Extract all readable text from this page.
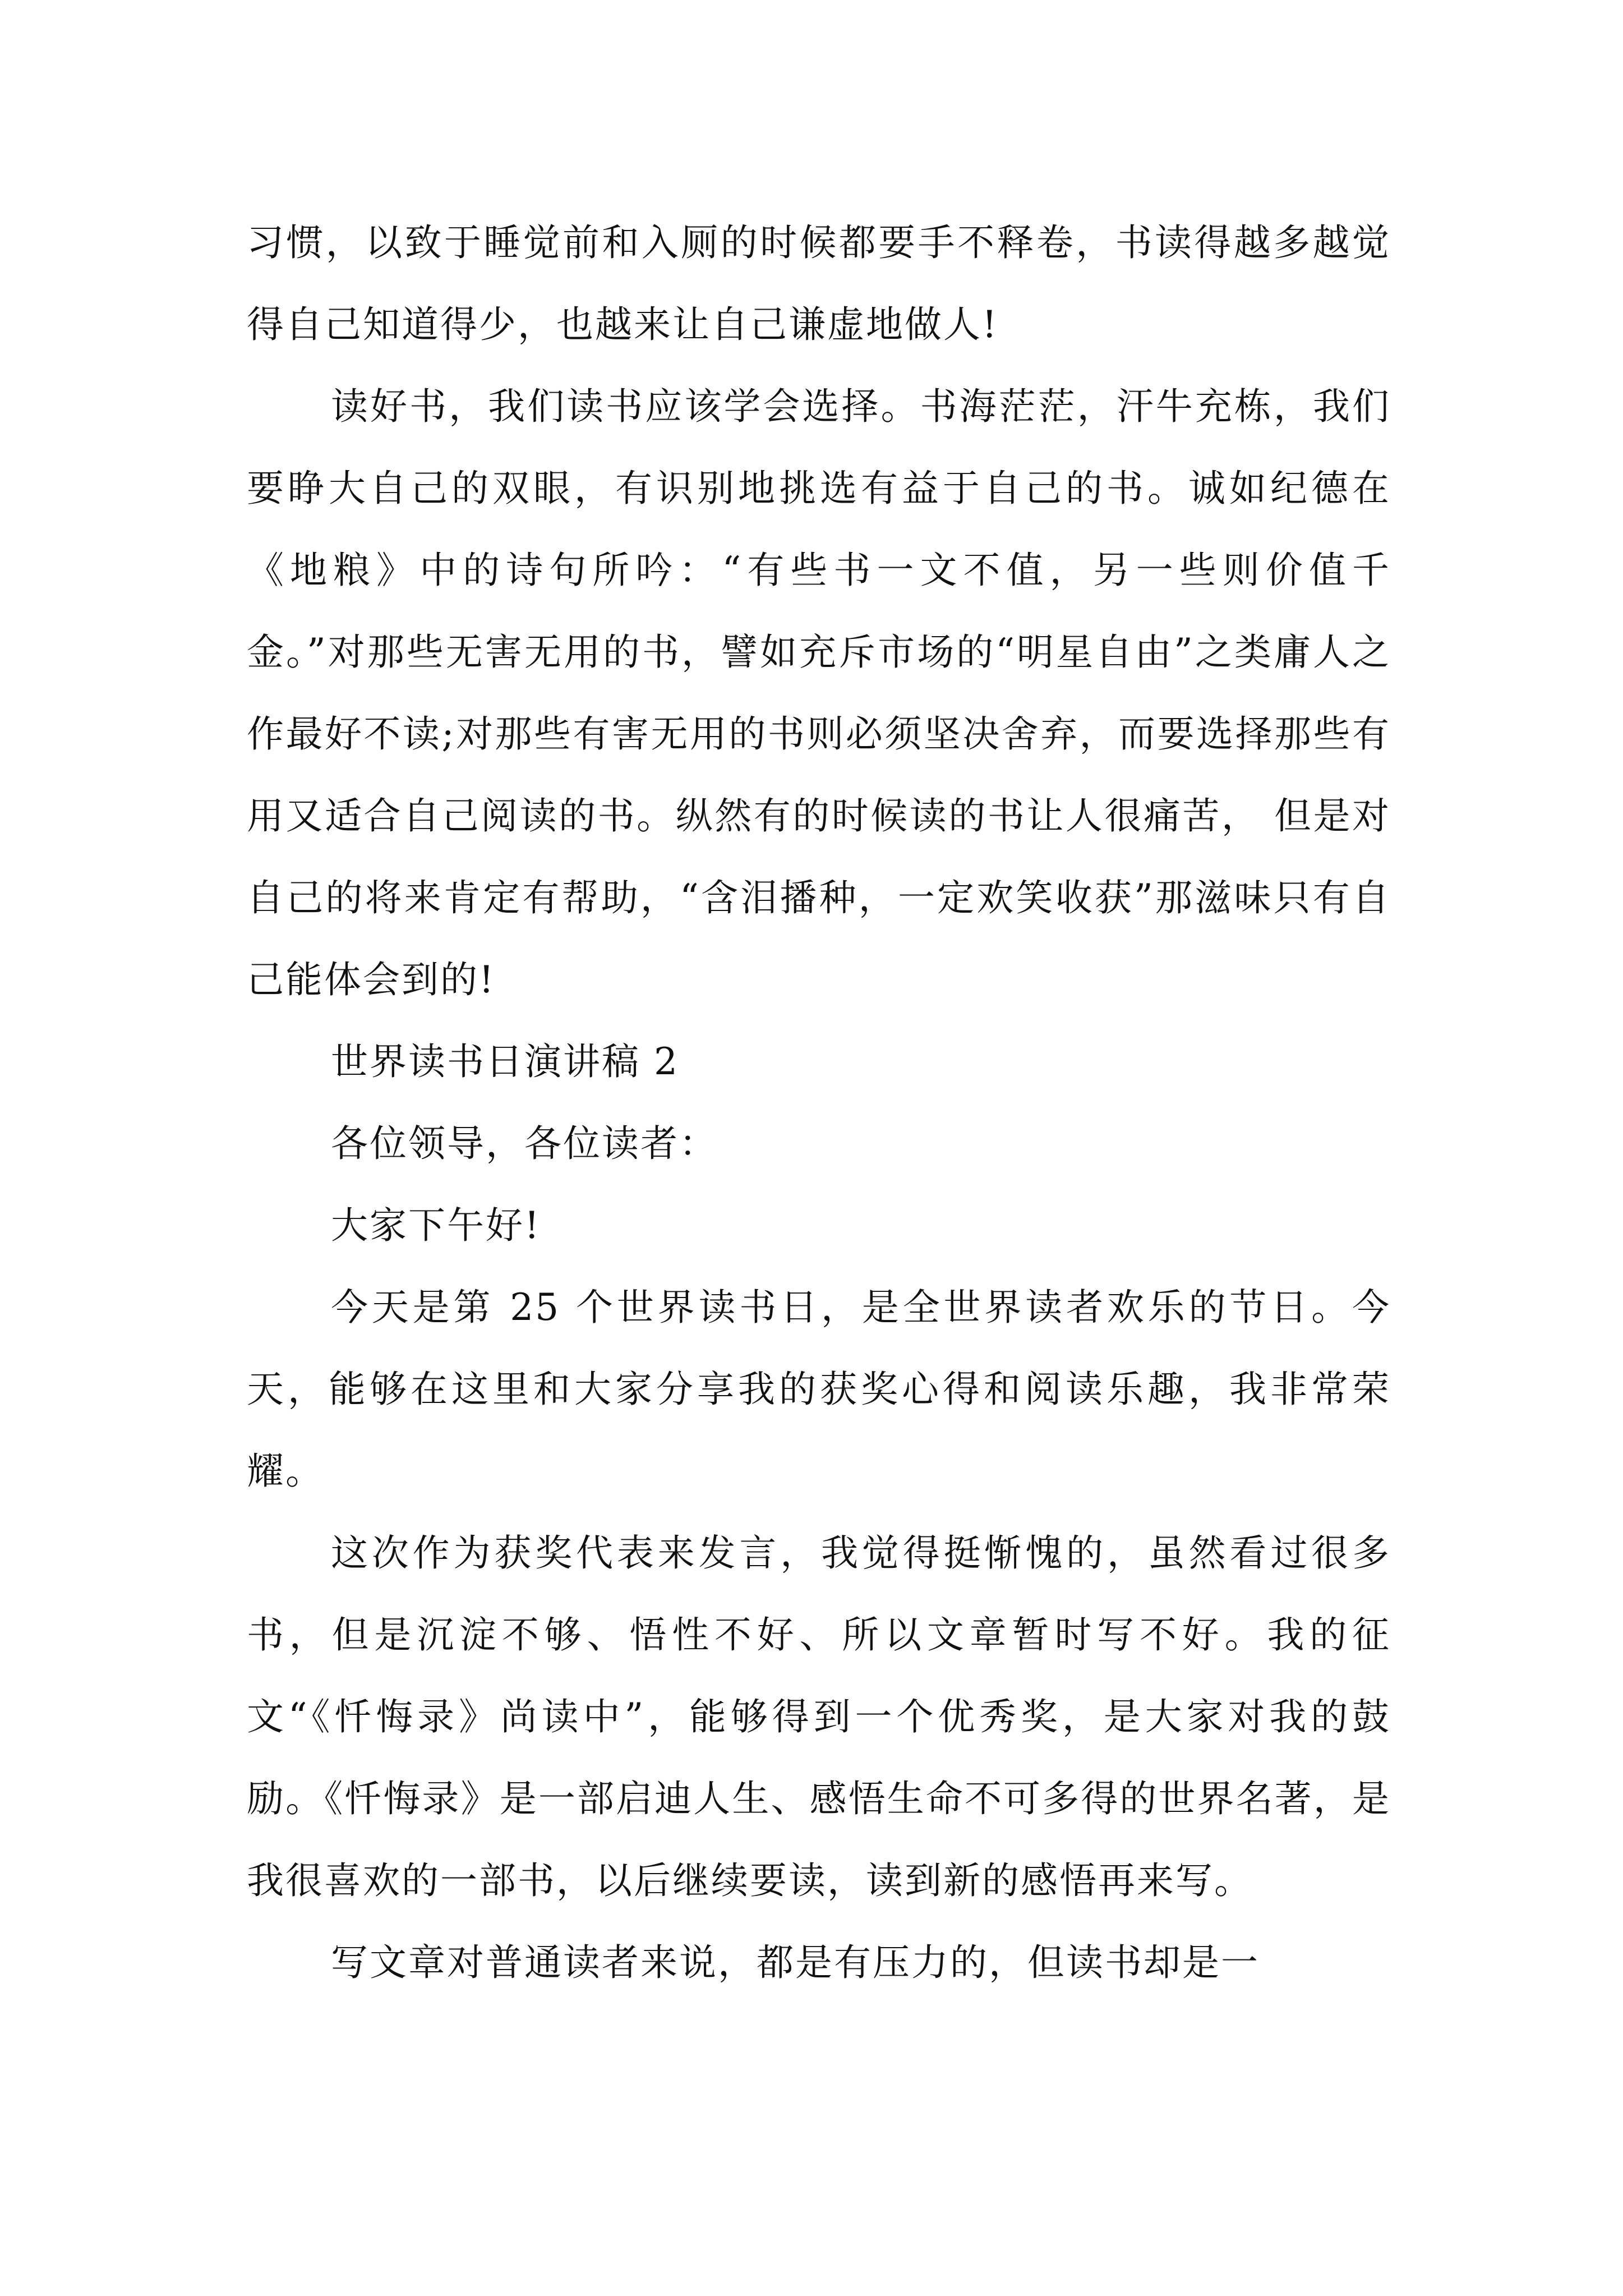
习惯，以致于睡觉前和入厕的时候都要手不释卷，书读得越多越觉得自己知道得少，也越来让自己谦虚地做人!

读好书，我们读书应该学会选择。书海茫茫，汗牛充栋，我们要睁大自己的双眼，有识别地挑选有益于自己的书。诚如纪德在《地粮》中的诗句所吟：“有些书一文不值，另一些则价值千金。”对那些无害无用的书，譬如充斥市场的“明星自由”之类庸人之作最好不读;对那些有害无用的书则必须坚决舍弃，而要选择那些有用又适合自己阅读的书。纵然有的时候读的书让人很痛苦， 但是对自己的将来肯定有帮助，“含泪播种，一定欢笑收获”那滋味只有自己能体会到的!

世界读书日演讲稿 2

各位领导，各位读者：

大家下午好!

今天是第 25 个世界读书日，是全世界读者欢乐的节日。今天，能够在这里和大家分享我的获奖心得和阅读乐趣，我非常荣耀。

这次作为获奖代表来发言，我觉得挺惭愧的，虽然看过很多书，但是沉淀不够、悟性不好、所以文章暂时写不好。我的征文“《忏悔录》尚读中”，能够得到一个优秀奖，是大家对我的鼓励。《忏悔录》是一部启迪人生、感悟生命不可多得的世界名著，是我很喜欢的一部书，以后继续要读，读到新的感悟再来写。

写文章对普通读者来说，都是有压力的，但读书却是一
